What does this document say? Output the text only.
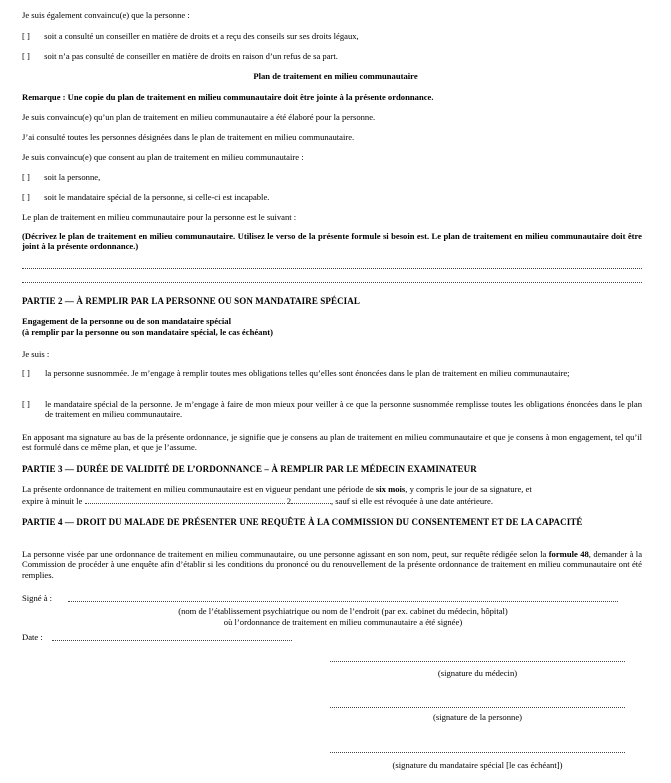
Je suis également convaincu(e) que la personne :
[ ] soit a consulté un conseiller en matière de droits et a reçu des conseils sur ses droits légaux,
[ ] soit n’a pas consulté de conseiller en matière de droits en raison d’un refus de sa part.
Plan de traitement en milieu communautaire
Remarque : Une copie du plan de traitement en milieu communautaire doit être jointe à la présente ordonnance.
Je suis convaincu(e) qu’un plan de traitement en milieu communautaire a été élaboré pour la personne.
J’ai consulté toutes les personnes désignées dans le plan de traitement en milieu communautaire.
Je suis convaincu(e) que consent au plan de traitement en milieu communautaire :
[ ] soit la personne,
[ ] soit le mandataire spécial de la personne, si celle-ci est incapable.
Le plan de traitement en milieu communautaire pour la personne est le suivant :
(Décrivez le plan de traitement en milieu communautaire. Utilisez le verso de la présente formule si besoin est. Le plan de traitement en milieu communautaire doit être joint à la présente ordonnance.)
PARTIE 2 — À REMPLIR PAR LA PERSONNE OU SON MANDATAIRE SPÉCIAL
Engagement de la personne ou de son mandataire spécial
(à remplir par la personne ou son mandataire spécial, le cas échéant)
Je suis :
[ ]	la personne susnommée. Je m’engage à remplir toutes mes obligations telles qu’elles sont énoncées dans le plan de traitement en milieu communautaire;
[ ]	le mandataire spécial de la personne. Je m’engage à faire de mon mieux pour veiller à ce que la personne susnommée remplisse toutes les obligations énoncées dans le plan de traitement en milieu communautaire.
En apposant ma signature au bas de la présente ordonnance, je signifie que je consens au plan de traitement en milieu communautaire et que je consens à mon engagement, tel qu’il est formulé dans ce même plan, et que je l’assume.
PARTIE 3 — DURÉE DE VALIDITÉ DE L’ORDONNANCE – À REMPLIR PAR LE MÉDECIN EXAMINATEUR
La présente ordonnance de traitement en milieu communautaire est en vigueur pendant une période de six mois, y compris le jour de sa signature, et
expire à minuit le	2	, sauf si elle est révoquée à une date antérieure.
PARTIE 4 — DROIT DU MALADE DE PRÉSENTER UNE REQUÊTE À LA COMMISSION DU CONSENTEMENT ET DE LA CAPACITÉ
La personne visée par une ordonnance de traitement en milieu communautaire, ou une personne agissant en son nom, peut, sur requête rédigée selon la formule 48, demander à la Commission de procéder à une enquête afin d’établir si les conditions du prononcé ou du renouvellement de la présente ordonnance de traitement en milieu communautaire ont été remplies.
Signé à :
(nom de l’établissement psychiatrique ou nom de l’endroit (par ex. cabinet du médecin, hôpital)
où l’ordonnance de traitement en milieu communautaire a été signée)
Date :
(signature du médecin)
(signature de la personne)
(signature du mandataire spécial [le cas échéant])
